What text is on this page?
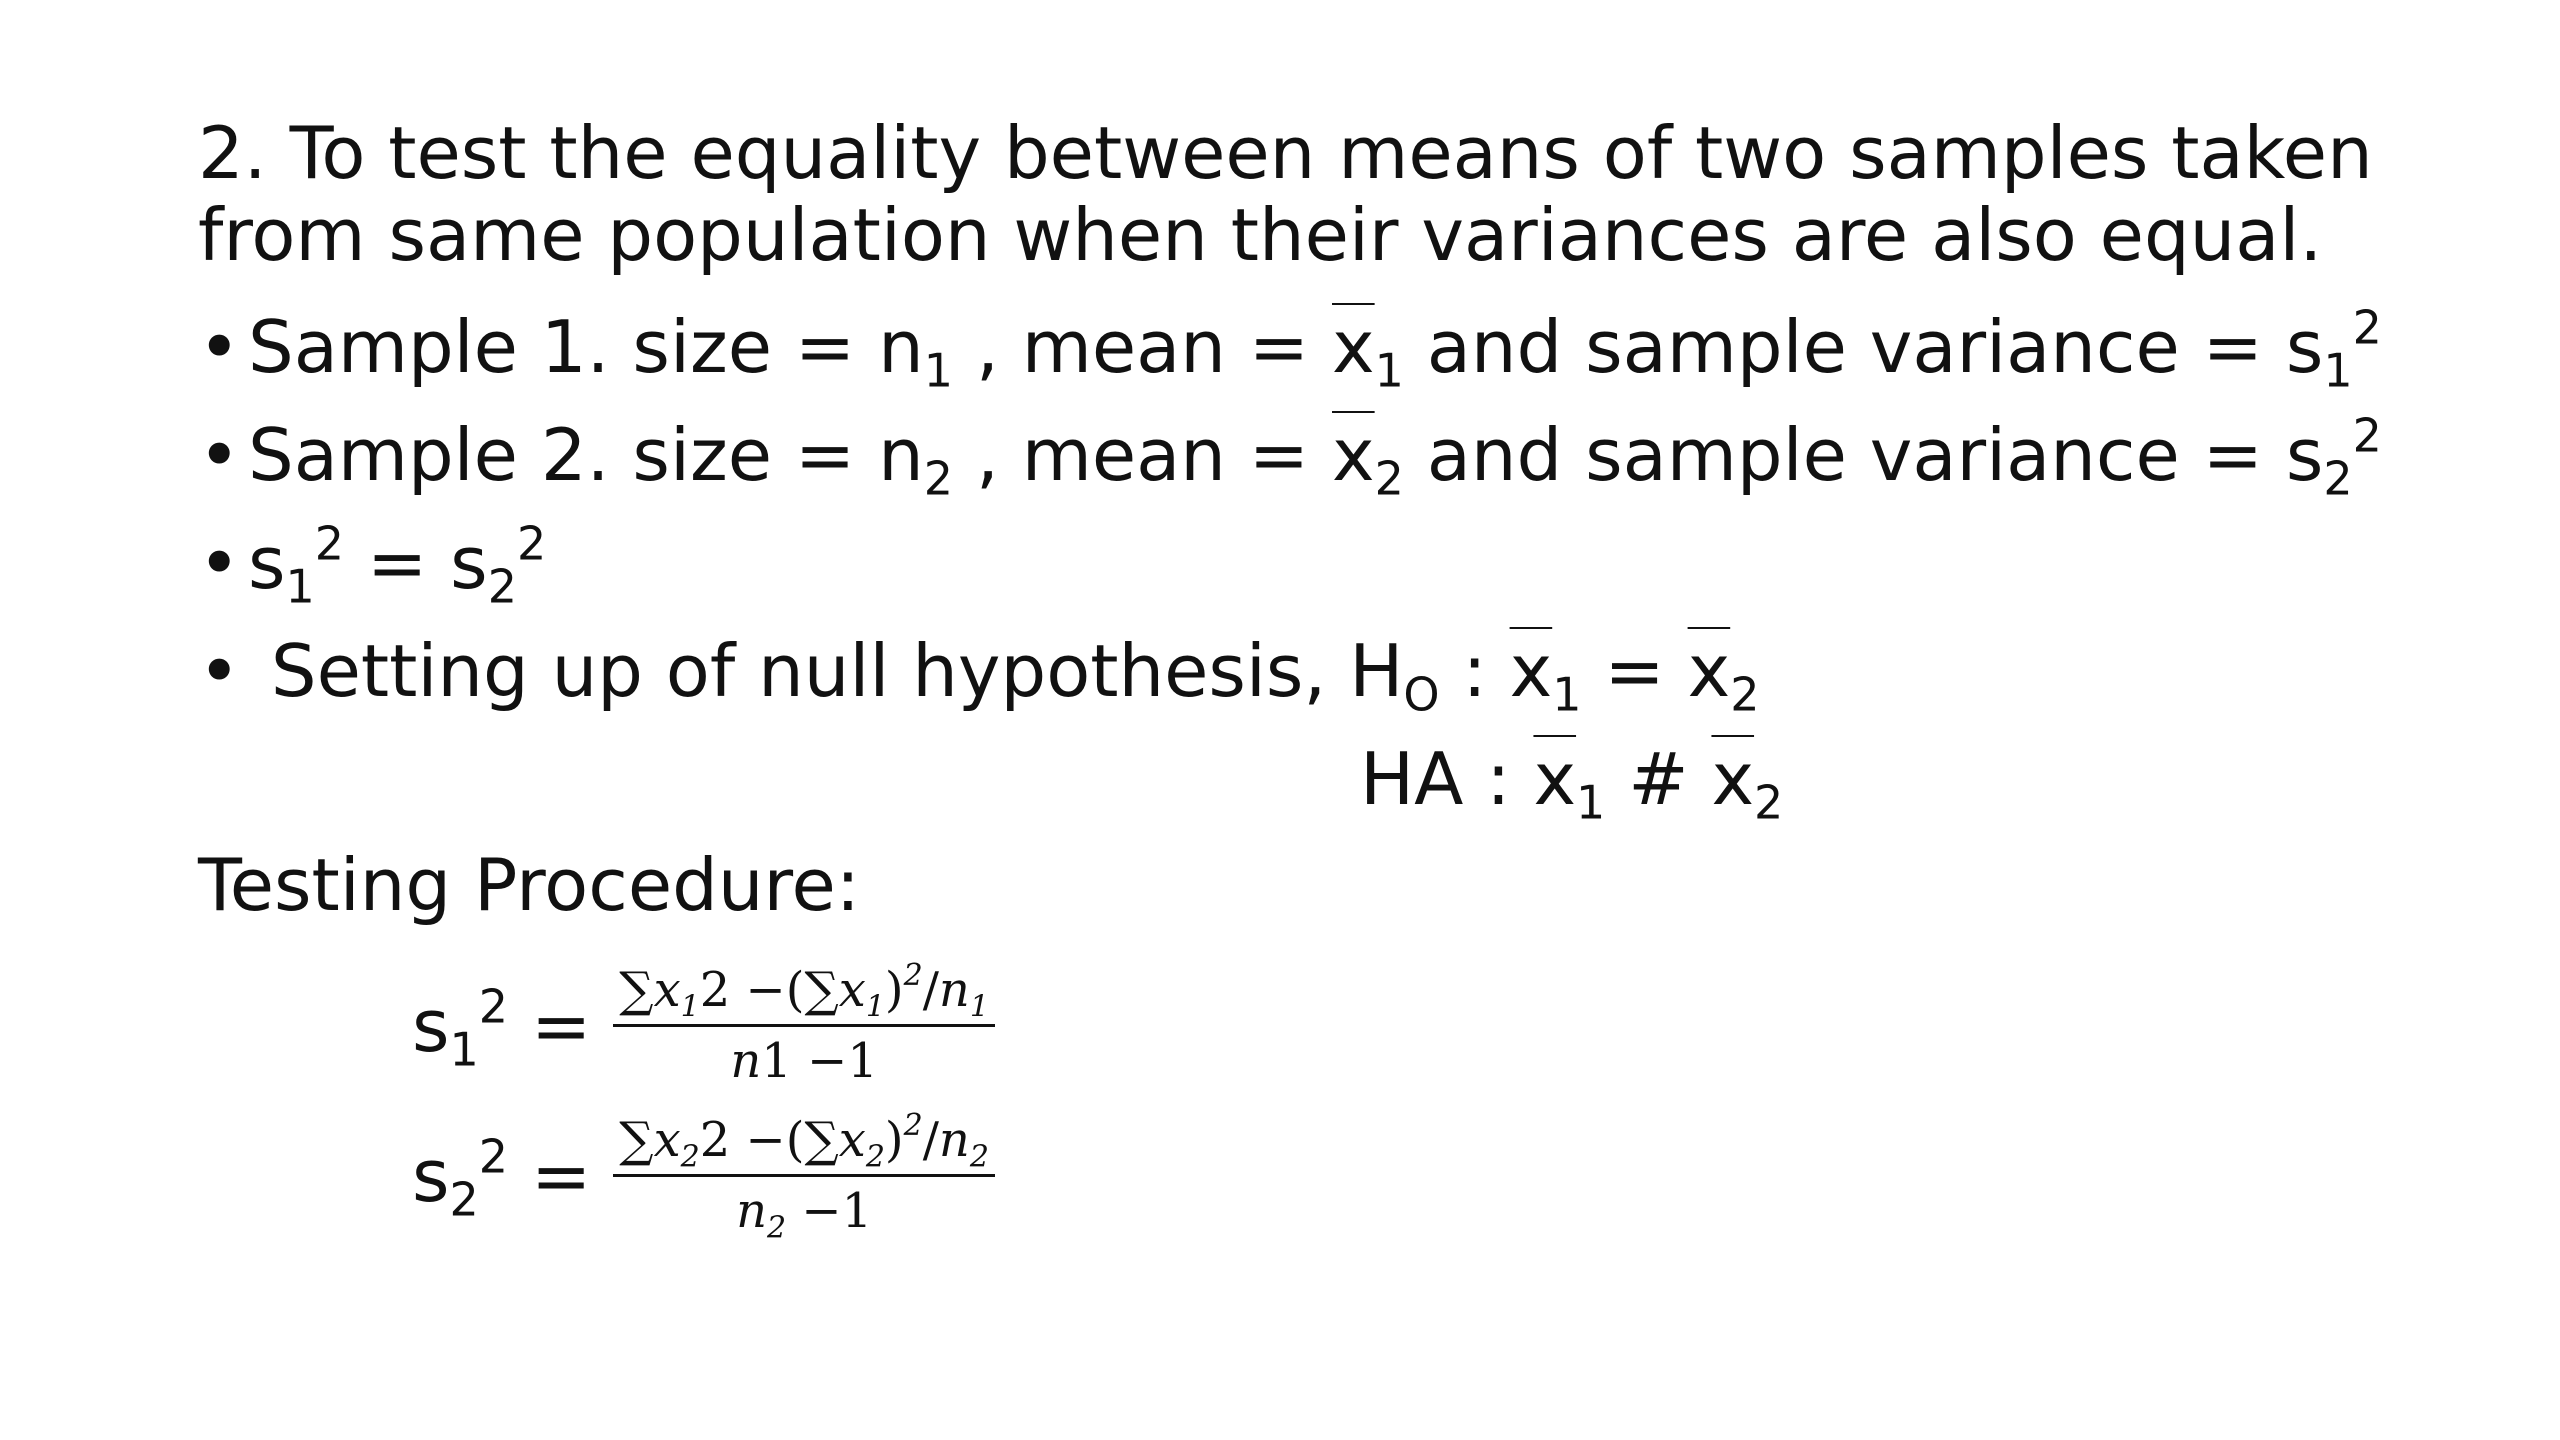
2. To test the equality between means of two samples taken
from same population when their variances are also equal.
• Sample 1. size = $n_1$ , mean = $\overline{x}_1$ and sample variance = $s_1^2$
• Sample 2. size = $n_2$ , mean = $\overline{x}_2$ and sample variance = $s_2^2$
• $s_1^2 = s_2^2$
• Setting up of null hypothesis, $H_O$ : $\overline{x}_1 = \overline{x}_2$
HA : $\overline{x}_1$ # $\overline{x}_2$
Testing Procedure:
$s_1^2 = \frac{\sum x_12 -(\sum x_1)^2/n_1}{n1 -1}$
$s_2^2 = \frac{\sum x_22 -(\sum x_2)^2/n_2}{n_2 -1}$
